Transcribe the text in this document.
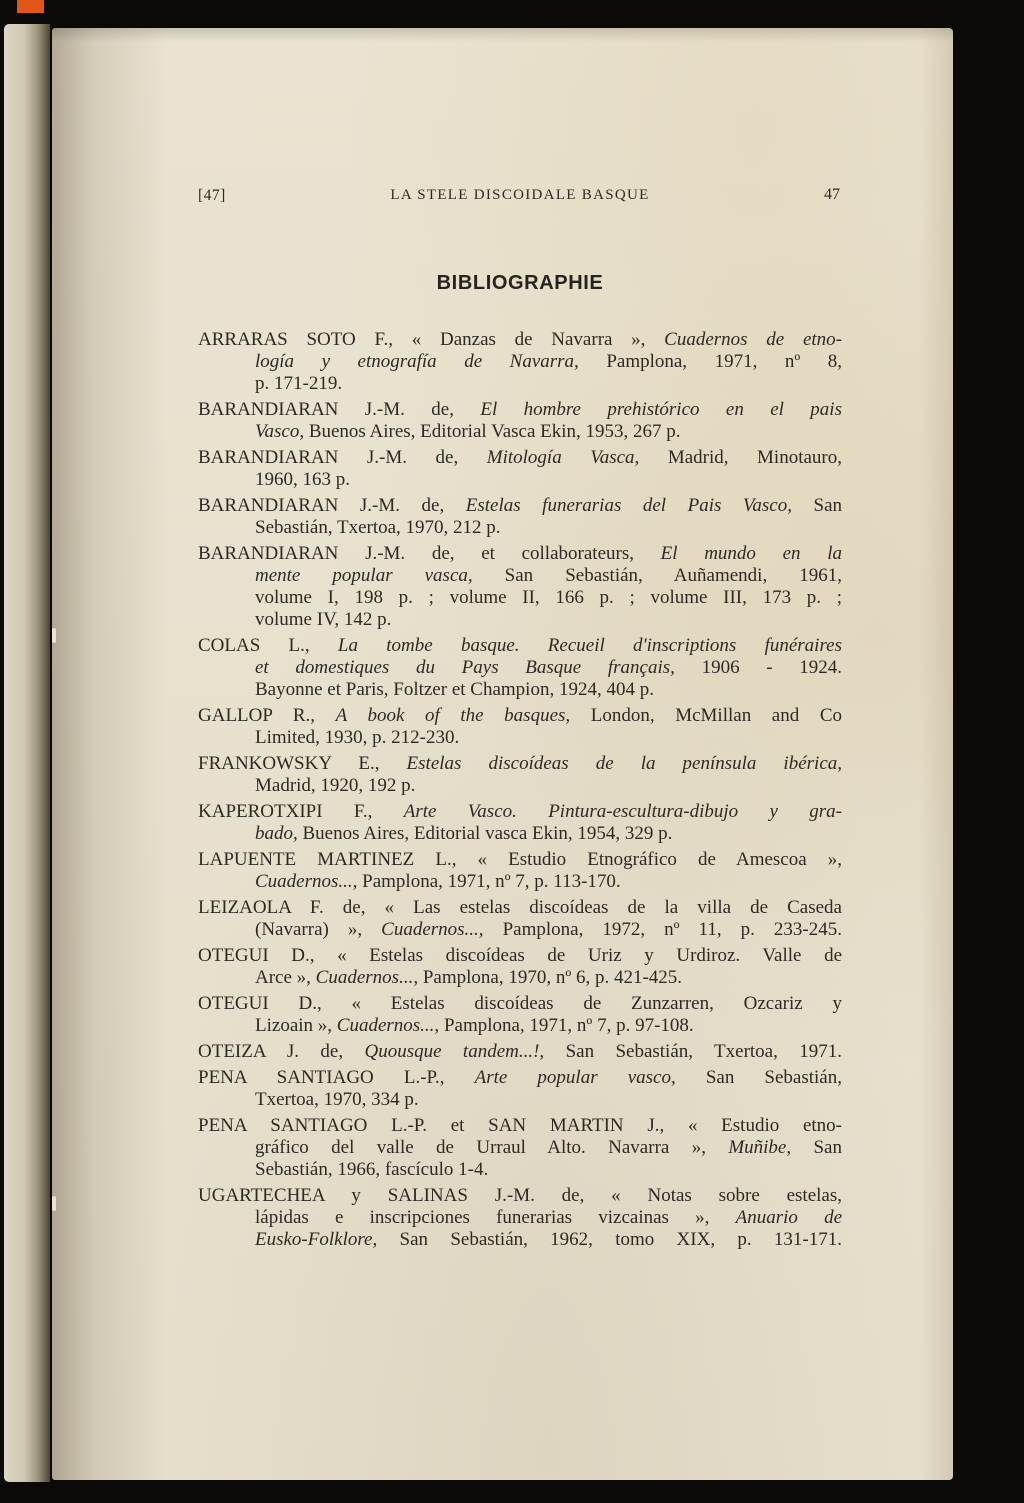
[47]	LA STELE DISCOIDALE BASQUE	47
BIBLIOGRAPHIE
ARRARAS SOTO F., « Danzas de Navarra », Cuadernos de etno-
logía y etnografía de Navarra, Pamplona, 1971, nº 8,
p. 171-219.
BARANDIARAN J.-M. de, El hombre prehistórico en el pais
Vasco, Buenos Aires, Editorial Vasca Ekin, 1953, 267 p.
BARANDIARAN J.-M. de, Mitología Vasca, Madrid, Minotauro,
1960, 163 p.
BARANDIARAN J.-M. de, Estelas funerarias del Pais Vasco, San
Sebastián, Txertoa, 1970, 212 p.
BARANDIARAN J.-M. de, et collaborateurs, El mundo en la
mente popular vasca, San Sebastián, Auñamendi, 1961,
volume I, 198 p. ; volume II, 166 p. ; volume III, 173 p. ;
volume IV, 142 p.
COLAS L., La tombe basque. Recueil d'inscriptions funéraires
et domestiques du Pays Basque français, 1906 - 1924.
Bayonne et Paris, Foltzer et Champion, 1924, 404 p.
GALLOP R., A book of the basques, London, McMillan and Co
Limited, 1930, p. 212-230.
FRANKOWSKY E., Estelas discoídeas de la península ibérica,
Madrid, 1920, 192 p.
KAPEROTXIPI F., Arte Vasco. Pintura-escultura-dibujo y gra-
bado, Buenos Aires, Editorial vasca Ekin, 1954, 329 p.
LAPUENTE MARTINEZ L., « Estudio Etnográfico de Amescoa »,
Cuadernos..., Pamplona, 1971, nº 7, p. 113-170.
LEIZAOLA F. de, « Las estelas discoídeas de la villa de Caseda
(Navarra) », Cuadernos..., Pamplona, 1972, nº 11, p. 233-245.
OTEGUI D., « Estelas discoídeas de Uriz y Urdiroz. Valle de
Arce », Cuadernos..., Pamplona, 1970, nº 6, p. 421-425.
OTEGUI D., « Estelas discoídeas de Zunzarren, Ozcariz y
Lizoain », Cuadernos..., Pamplona, 1971, nº 7, p. 97-108.
OTEIZA J. de, Quousque tandem...!, San Sebastián, Txertoa, 1971.
PENA SANTIAGO L.-P., Arte popular vasco, San Sebastián,
Txertoa, 1970, 334 p.
PENA SANTIAGO L.-P. et SAN MARTIN J., « Estudio etno-
gráfico del valle de Urraul Alto. Navarra », Muñibe, San
Sebastián, 1966, fascículo 1-4.
UGARTECHEA y SALINAS J.-M. de, « Notas sobre estelas,
lápidas e inscripciones funerarias vizcainas », Anuario de
Eusko-Folklore, San Sebastián, 1962, tomo XIX, p. 131-171.
